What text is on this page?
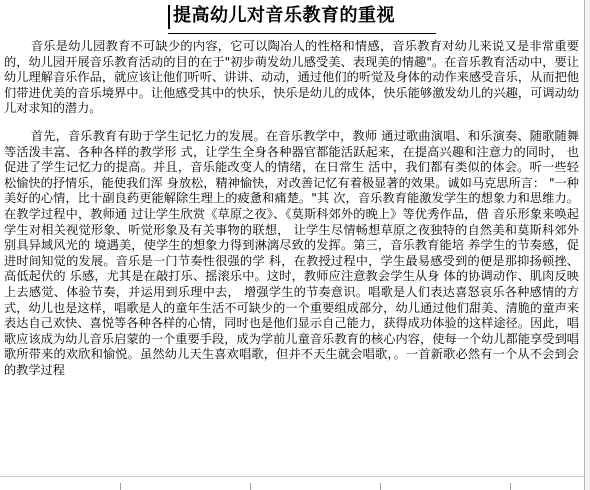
提高幼儿对音乐教育的重视

音乐是幼儿园教育不可缺少的内容，它可以陶冶人的性格和情感，音乐教育对幼儿来说又是非常重要的，幼儿园开展音乐教育活动的目的在于"初步萌发幼儿感受美、表现美的情趣"。在音乐教育活动中，要让幼儿理解音乐作品，就应该让他们听听、讲讲、动动，通过他们的听觉及身体的动作来感受音乐，从而把他们带进优美的音乐境界中。让他感受其中的快乐，快乐是幼儿的成体，快乐能够激发幼儿的兴趣，可调动幼儿对求知的潜力。

首先，音乐教育有助于学生记忆力的发展。在音乐教学中，教师 通过歌曲演唱、和乐演奏、随歌随舞等活泼丰富、各种各样的教学形 式，让学生全身各种器官都能活跃起来，在提高兴趣和注意力的同时， 也促进了学生记忆力的提高。并且，音乐能改变人的情绪，在日常生 活中，我们都有类似的体会。听一些轻松愉快的抒情乐，能使我们浑 身放松，精神愉快，对改善记忆有着极显著的效果。诚如马克思所言： "一种美好的心情，比十副良药更能解除生理上的疲惫和痛楚。"其 次，音乐教育能激发学生的想象力和思维力。在教学过程中，教师通 过让学生欣赏《草原之夜》、《莫斯科郊外的晚上》等优秀作品，借 音乐形象来唤起学生对相关视觉形象、听觉形象及有关事物的联想， 让学生尽情畅想草原之夜独特的自然美和莫斯科郊外别具异域风光的 境遇美，使学生的想象力得到淋漓尽致的发挥。第三，音乐教育能培 养学生的节奏感，促进时间知觉的发展。音乐是一门节奏性很强的学 科，在教授过程中，学生最易感受到的便是那抑扬顿挫、高低起伏的 乐感，尤其是在敲打乐、摇滚乐中。这时，教师应注意教会学生从身 体的协调动作、肌肉反映上去感觉、体验节奏，并运用到乐理中去， 增强学生的节奏意识。唱歌是人们表达喜怒哀乐各种感情的方式，幼儿也是这样，唱歌是人的童年生活不可缺少的一个重要组成部分，幼儿通过他们甜美、清脆的童声来表达自己欢快、喜悦等各种各样的心情，同时也是他们显示自己能力，获得成功体验的这样途径。因此，唱歌应该成为幼儿音乐启蒙的一个重要手段，成为学前儿童音乐教育的核心内容，使每一个幼儿都能享受到唱歌所带来的欢欣和愉悦。虽然幼儿天生喜欢唱歌，但并不天生就会唱歌，。一首新歌必然有一个从不会到会的教学过程
